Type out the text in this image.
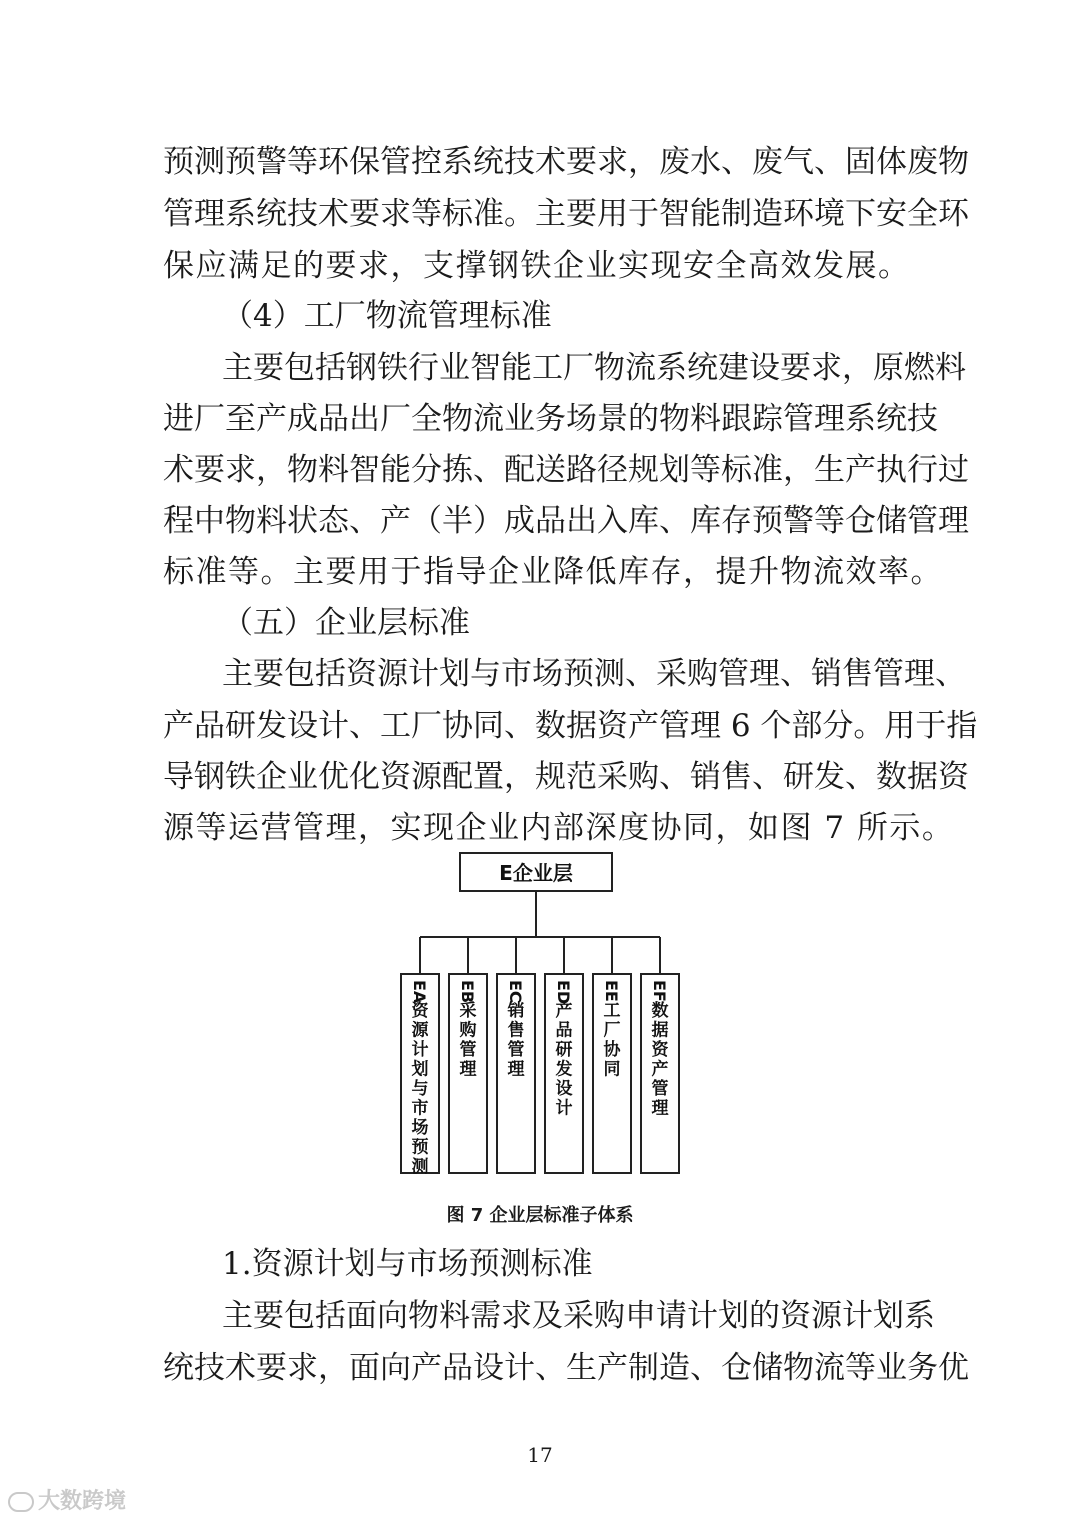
预测预警等环保管控系统技术要求，废水、废气、固体废物
管理系统技术要求等标准。主要用于智能制造环境下安全环
保应满足的要求，支撑钢铁企业实现安全高效发展。
（4）工厂物流管理标准
主要包括钢铁行业智能工厂物流系统建设要求，原燃料
进厂至产成品出厂全物流业务场景的物料跟踪管理系统技
术要求，物料智能分拣、配送路径规划等标准，生产执行过
程中物料状态、产（半）成品出入库、库存预警等仓储管理
标准等。主要用于指导企业降低库存，提升物流效率。
（五）企业层标准
主要包括资源计划与市场预测、采购管理、销售管理、
产品研发设计、工厂协同、数据资产管理 6 个部分。用于指
导钢铁企业优化资源配置，规范采购、销售、研发、数据资
源等运营管理，实现企业内部深度协同，如图 7 所示。
E企业层
EA
资源计划与市场预测
EB
采购管理
EC
销售管理
ED
产品研发设计
EE
工厂协同
EF
数据资产管理
图 7 企业层标准子体系
1.资源计划与市场预测标准
主要包括面向物料需求及采购申请计划的资源计划系
统技术要求，面向产品设计、生产制造、仓储物流等业务优
17
大数跨境
